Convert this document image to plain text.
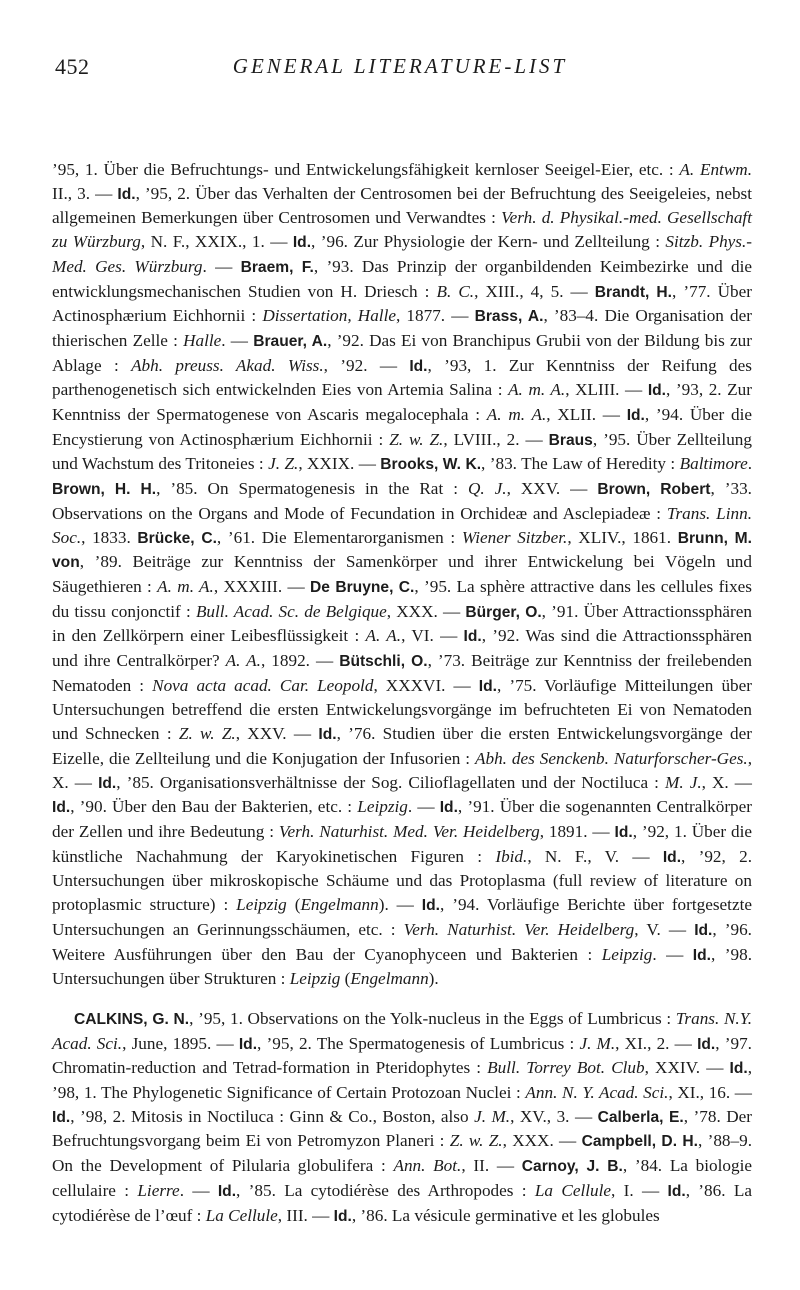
452	GENERAL LITERATURE-LIST

’95, 1. Über die Befruchtungs- und Entwickelungsfähigkeit kernloser Seeigel-Eier, etc. : A. Entwm. II., 3. — Id., ’95, 2. Über das Verhalten der Centrosomen bei der Befruchtung des Seeigeleies, nebst allgemeinen Bemerkungen über Centrosomen und Verwandtes : Verh. d. Physikal.-med. Gesellschaft zu Würzburg, N. F., XXIX., 1. — Id., ’96. Zur Physiologie der Kern- und Zellteilung : Sitzb. Phys.-Med. Ges. Würzburg. — Braem, F., ’93. Das Prinzip der organbildenden Keimbezirke und die entwicklungsmechanischen Studien von H. Driesch : B. C., XIII., 4, 5. — Brandt, H., ’77. Über Actinosphærium Eichhornii : Dissertation, Halle, 1877. — Brass, A., ’83–4. Die Organisation der thierischen Zelle : Halle. — Brauer, A., ’92. Das Ei von Branchipus Grubii von der Bildung bis zur Ablage : Abh. preuss. Akad. Wiss., ’92. — Id., ’93, 1. Zur Kenntniss der Reifung des parthenogenetisch sich entwickelnden Eies von Artemia Salina : A. m. A., XLIII. — Id., ’93, 2. Zur Kenntniss der Spermatogenese von Ascaris megalocephala : A. m. A., XLII. — Id., ’94. Über die Encystierung von Actinosphærium Eichhornii : Z. w. Z., LVIII., 2. — Braus, ’95. Über Zellteilung und Wachstum des Tritoneies : J. Z., XXIX. — Brooks, W. K., ’83. The Law of Heredity : Baltimore. Brown, H. H., ’85. On Spermatogenesis in the Rat : Q. J., XXV. — Brown, Robert, ’33. Observations on the Organs and Mode of Fecundation in Orchideæ and Asclepiadeæ : Trans. Linn. Soc., 1833. Brücke, C., ’61. Die Elementarorganismen : Wiener Sitzber., XLIV., 1861. Brunn, M. von, ’89. Beiträge zur Kenntniss der Samenkörper und ihrer Entwickelung bei Vögeln und Säugethieren : A. m. A., XXXIII. — De Bruyne, C., ’95. La sphère attractive dans les cellules fixes du tissu conjonctif : Bull. Acad. Sc. de Belgique, XXX. — Bürger, O., ’91. Über Attractionssphären in den Zellkörpern einer Leibesflüssigkeit : A. A., VI. — Id., ’92. Was sind die Attractionssphären und ihre Centralkörper? A. A., 1892. — Bütschli, O., ’73. Beiträge zur Kenntniss der freilebenden Nematoden : Nova acta acad. Car. Leopold, XXXVI. — Id., ’75. Vorläufige Mitteilungen über Untersuchungen betreffend die ersten Entwickelungsvorgänge im befruchteten Ei von Nematoden und Schnecken : Z. w. Z., XXV. — Id., ’76. Studien über die ersten Entwickelungsvorgänge der Eizelle, die Zellteilung und die Konjugation der Infusorien : Abh. des Senckenb. Naturforscher-Ges., X. — Id., ’85. Organisationsverhältnisse der Sog. Cilioflagellaten und der Noctiluca : M. J., X. — Id., ’90. Über den Bau der Bakterien, etc. : Leipzig. — Id., ’91. Über die sogenannten Centralkörper der Zellen und ihre Bedeutung : Verh. Naturhist. Med. Ver. Heidelberg, 1891. — Id., ’92, 1. Über die künstliche Nachahmung der Karyokinetischen Figuren : Ibid., N. F., V. — Id., ’92, 2. Untersuchungen über mikroskopische Schäume und das Protoplasma (full review of literature on protoplasmic structure) : Leipzig (Engelmann). — Id., ’94. Vorläufige Berichte über fortgesetzte Untersuchungen an Gerinnungsschäumen, etc. : Verh. Naturhist. Ver. Heidelberg, V. — Id., ’96. Weitere Ausführungen über den Bau der Cyanophyceen und Bakterien : Leipzig. — Id., ’98. Untersuchungen über Strukturen : Leipzig (Engelmann).

CALKINS, G. N., ’95, 1. Observations on the Yolk-nucleus in the Eggs of Lumbricus : Trans. N.Y. Acad. Sci., June, 1895. — Id., ’95, 2. The Spermatogenesis of Lumbricus : J. M., XI., 2. — Id., ’97. Chromatin-reduction and Tetrad-formation in Pteridophytes : Bull. Torrey Bot. Club, XXIV. — Id., ’98, 1. The Phylogenetic Significance of Certain Protozoan Nuclei : Ann. N. Y. Acad. Sci., XI., 16. — Id., ’98, 2. Mitosis in Noctiluca : Ginn & Co., Boston, also J. M., XV., 3. — Calberla, E., ’78. Der Befruchtungsvorgang beim Ei von Petromyzon Planeri : Z. w. Z., XXX. — Campbell, D. H., ’88–9. On the Development of Pilularia globulifera : Ann. Bot., II. — Carnoy, J. B., ’84. La biologie cellulaire : Lierre. — Id., ’85. La cytodiérèse des Arthropodes : La Cellule, I. — Id., ’86. La cytodiérèse de l’œuf : La Cellule, III. — Id., ’86. La vésicule germinative et les globules
